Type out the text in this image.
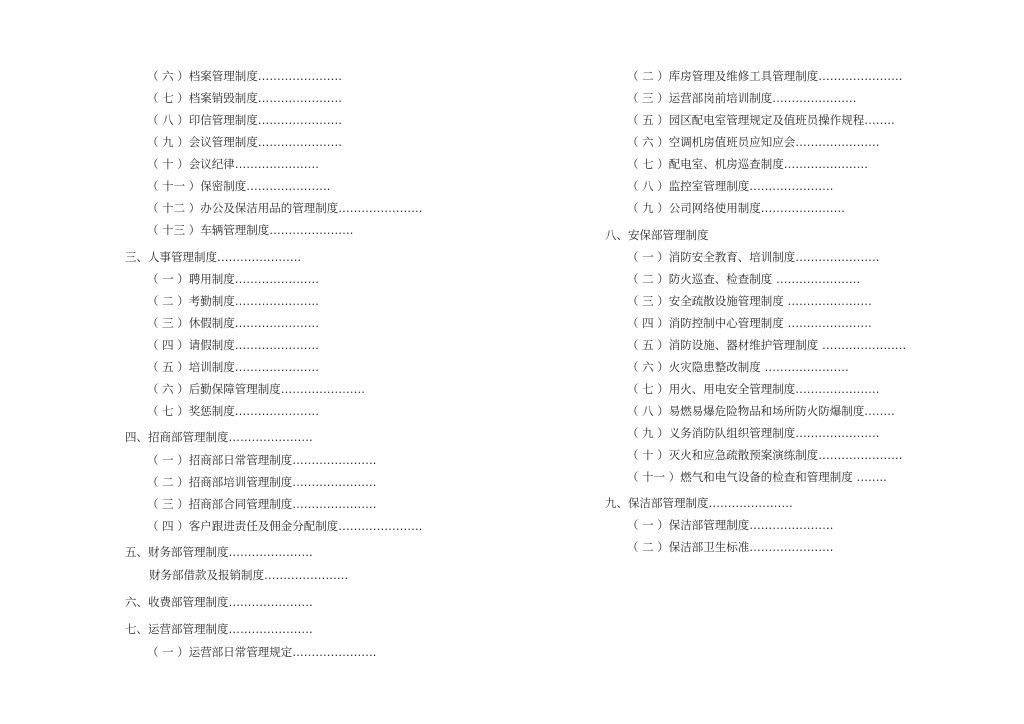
（ 六 ）档案管理制度………………….
（ 七 ）档案销毁制度………………….
（ 八 ）印信管理制度………………….
（ 九 ）会议管理制度………………….
（ 十 ）会议纪律………………….
（ 十一 ）保密制度………………….
（ 十二 ）办公及保洁用品的管理制度………………….
（ 十三 ）车辆管理制度………………….
三、人事管理制度………………….
（ 一 ）聘用制度………………….
（ 二 ）考勤制度………………….
（ 三 ）休假制度………………….
（ 四 ）请假制度………………….
（ 五 ）培训制度………………….
（ 六 ）后勤保障管理制度………………….
（ 七 ）奖惩制度………………….
四、招商部管理制度………………….
（ 一 ）招商部日常管理制度………………….
（ 二 ）招商部培训管理制度………………….
（ 三 ）招商部合同管理制度………………….
（ 四 ）客户跟进责任及佣金分配制度………………….
五、财务部管理制度………………….
财务部借款及报销制度………………….
六、收费部管理制度………………….
七、运营部管理制度………………….
（ 一 ）运营部日常管理规定………………….
（ 二 ）库房管理及维修工具管理制度………………….
（ 三 ）运营部岗前培训制度………………….
（ 五 ）园区配电室管理规定及值班员操作规程……..
（ 六 ）空调机房值班员应知应会………………….
（ 七 ）配电室、机房巡查制度………………….
（ 八 ）监控室管理制度………………….
（ 九 ）公司网络使用制度………………….
八、安保部管理制度
（ 一 ）消防安全教育、培训制度………………….
（ 二 ）防火巡查、检查制度 ………………….
（ 三 ）安全疏散设施管理制度 ………………….
（ 四 ）消防控制中心管理制度 ………………….
（ 五 ）消防设施、器材维护管理制度 ………………….
（ 六 ）火灾隐患整改制度 ………………….
（ 七 ）用火、用电安全管理制度………………….
（ 八 ）易燃易爆危险物品和场所防火防爆制度……..
（ 九 ）义务消防队组织管理制度………………….
（ 十 ）灭火和应急疏散预案演练制度………………….
（ 十一 ）燃气和电气设备的检查和管理制度 ……..
九、保洁部管理制度………………….
（ 一 ）保洁部管理制度………………….
（ 二 ）保洁部卫生标准………………….
